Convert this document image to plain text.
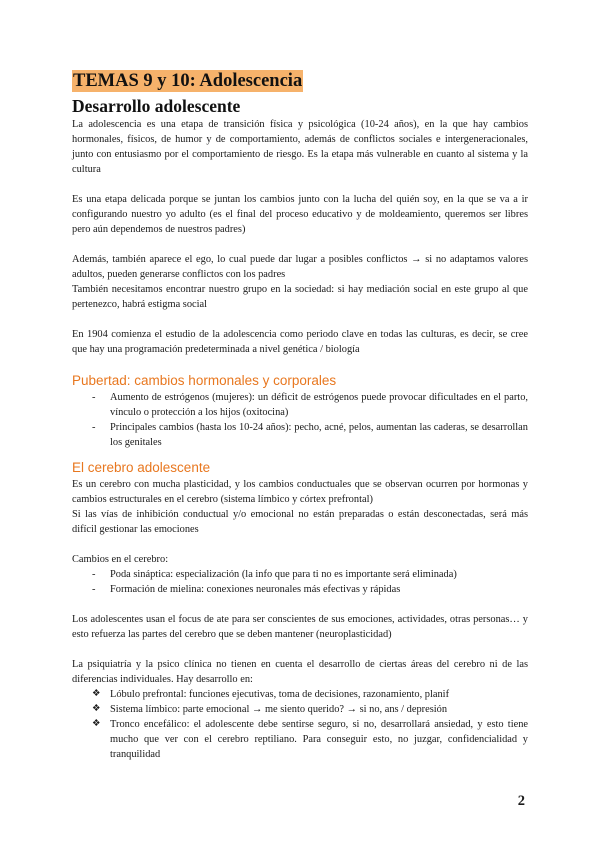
TEMAS 9 y 10: Adolescencia
Desarrollo adolescente

La adolescencia es una etapa de transición física y psicológica (10-24 años), en la que hay cambios hormonales, físicos, de humor y de comportamiento, además de conflictos sociales e intergeneracionales, junto con entusiasmo por el comportamiento de riesgo. Es la etapa más vulnerable en cuanto al sistema y la cultura

Es una etapa delicada porque se juntan los cambios junto con la lucha del quién soy, en la que se va a ir configurando nuestro yo adulto (es el final del proceso educativo y de moldeamiento, queremos ser libres pero aún dependemos de nuestros padres)

Además, también aparece el ego, lo cual puede dar lugar a posibles conflictos → si no adaptamos valores adultos, pueden generarse conflictos con los padres

También necesitamos encontrar nuestro grupo en la sociedad: si hay mediación social en este grupo al que pertenezco, habrá estigma social

En 1904 comienza el estudio de la adolescencia como periodo clave en todas las culturas, es decir, se cree que hay una programación predeterminada a nivel genética / biología

Pubertad: cambios hormonales y corporales
- Aumento de estrógenos (mujeres): un déficit de estrógenos puede provocar dificultades en el parto, vínculo o protección a los hijos (oxitocina)
- Principales cambios (hasta los 10-24 años): pecho, acné, pelos, aumentan las caderas, se desarrollan los genitales
El cerebro adolescente

Es un cerebro con mucha plasticidad, y los cambios conductuales que se observan ocurren por hormonas y cambios estructurales en el cerebro (sistema límbico y córtex prefrontal)

Si las vías de inhibición conductual y/o emocional no están preparadas o están desconectadas, será más difícil gestionar las emociones

Cambios en el cerebro:

- Poda sináptica: especialización (la info que para ti no es importante será eliminada)
- Formación de mielina: conexiones neuronales más efectivas y rápidas

Los adolescentes usan el focus de ate para ser conscientes de sus emociones, actividades, otras personas… y esto refuerza las partes del cerebro que se deben mantener (neuroplasticidad)

La psiquiatría y la psico clínica no tienen en cuenta el desarrollo de ciertas áreas del cerebro ni de las diferencias individuales. Hay desarrollo en:

❖ Lóbulo prefrontal: funciones ejecutivas, toma de decisiones, razonamiento, planif
❖ Sistema límbico: parte emocional → me siento querido? → si no, ans / depresión
❖ Tronco encefálico: el adolescente debe sentirse seguro, si no, desarrollará ansiedad, y esto tiene mucho que ver con el cerebro reptiliano. Para conseguir esto, no juzgar, confidencialidad y tranquilidad
2
